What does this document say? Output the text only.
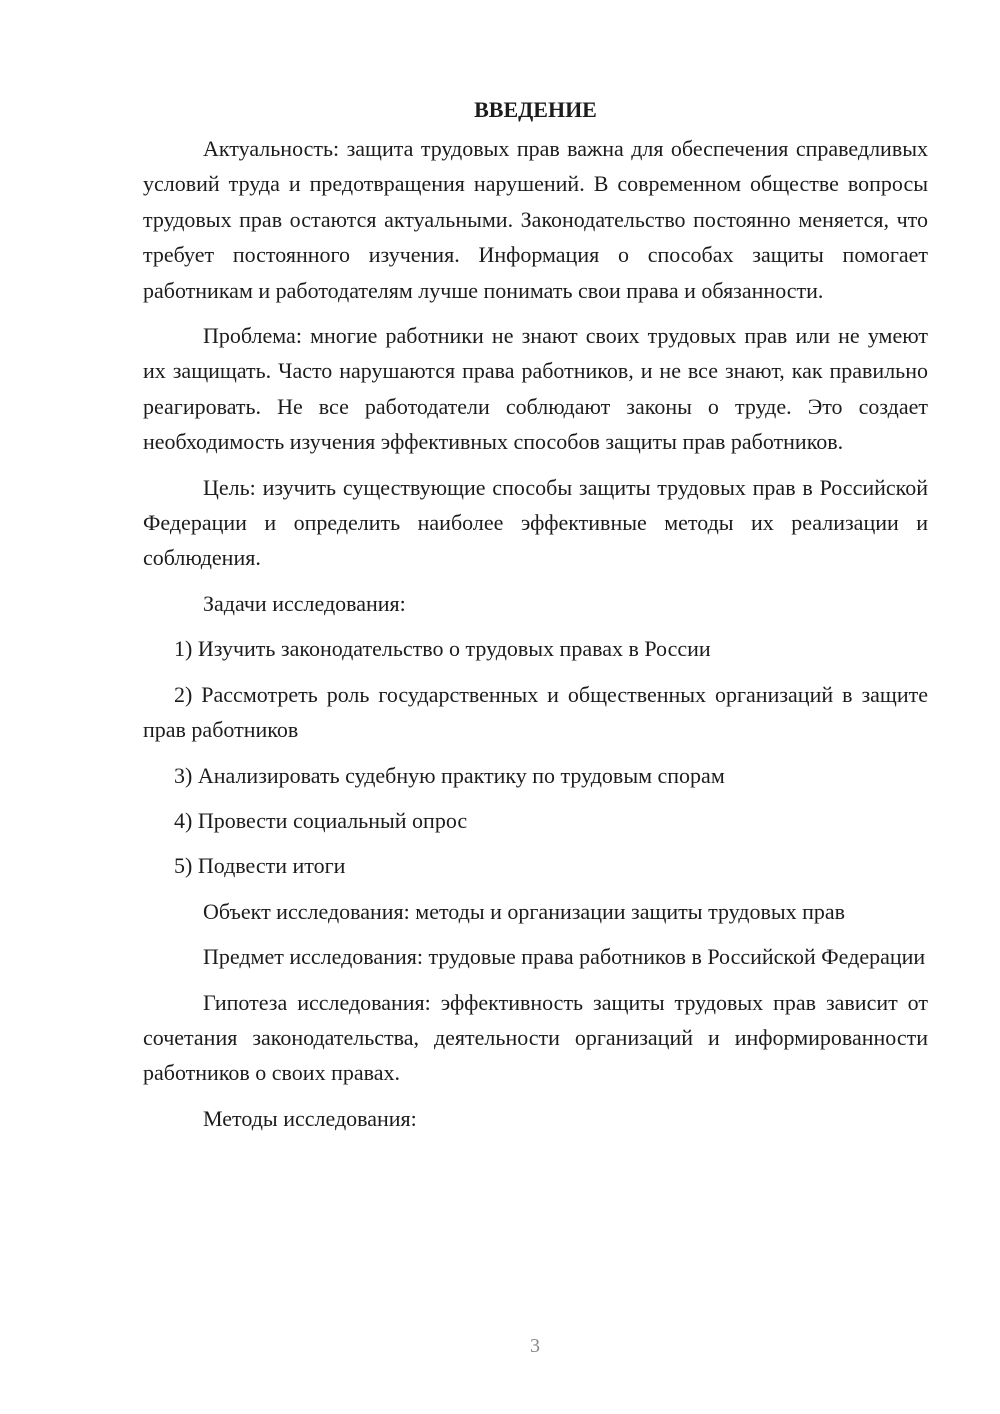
ВВЕДЕНИЕ

Актуальность: защита трудовых прав важна для обеспечения справедливых условий труда и предотвращения нарушений. В современном обществе вопросы трудовых прав остаются актуальными. Законодательство постоянно меняется, что требует постоянного изучения. Информация о способах защиты помогает работникам и работодателям лучше понимать свои права и обязанности.

Проблема: многие работники не знают своих трудовых прав или не умеют их защищать. Часто нарушаются права работников, и не все знают, как правильно реагировать. Не все работодатели соблюдают законы о труде. Это создает необходимость изучения эффективных способов защиты прав работников.

Цель: изучить существующие способы защиты трудовых прав в Российской Федерации и определить наиболее эффективные методы их реализации и соблюдения.

Задачи исследования:

1) Изучить законодательство о трудовых правах в России

2) Рассмотреть роль государственных и общественных организаций в защите прав работников

3) Анализировать судебную практику по трудовым спорам

4) Провести социальный опрос

5) Подвести итоги

Объект исследования: методы и организации защиты трудовых прав

Предмет исследования: трудовые права работников в Российской Федерации

Гипотеза исследования: эффективность защиты трудовых прав зависит от сочетания законодательства, деятельности организаций и информированности работников о своих правах.

Методы исследования:

3
